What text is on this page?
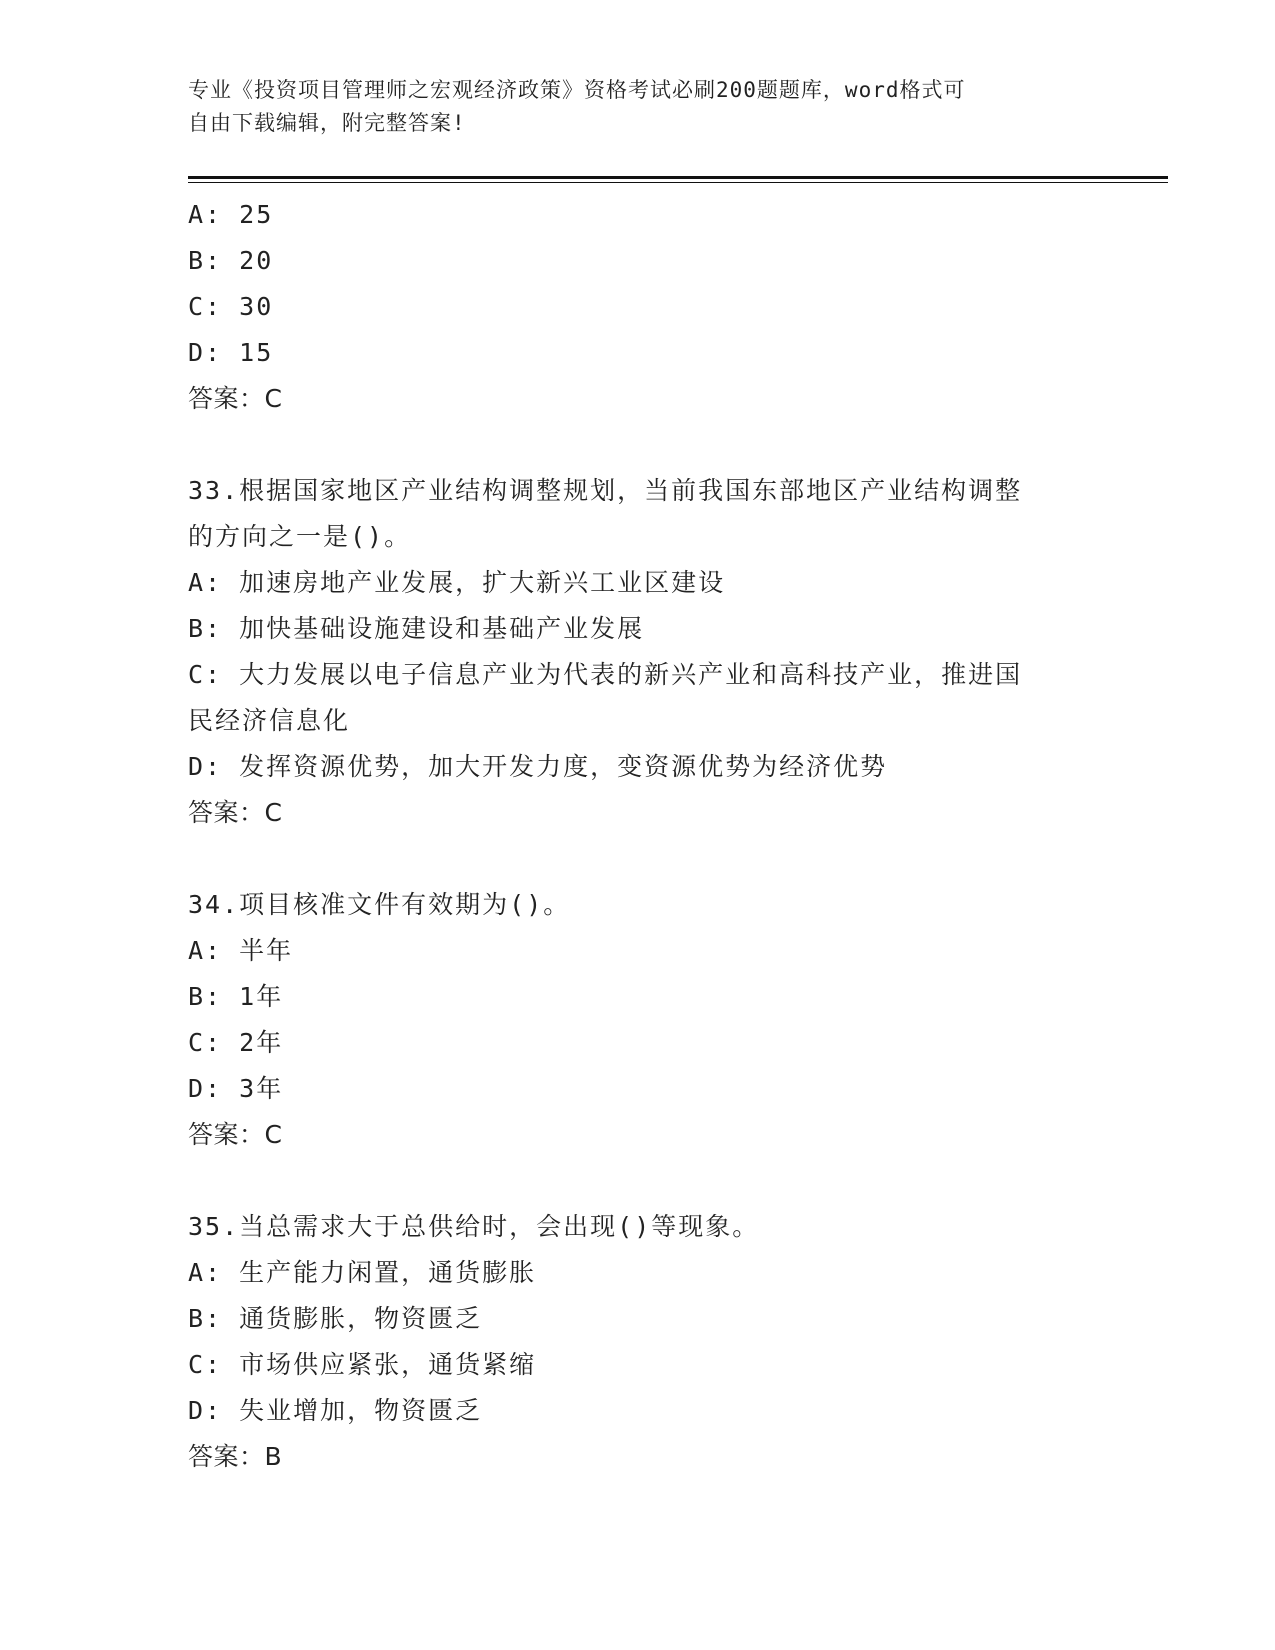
专业《投资项目管理师之宏观经济政策》资格考试必刷200题题库，word格式可
自由下载编辑，附完整答案!
A: 25
B: 20
C: 30
D: 15
答案：C
33.根据国家地区产业结构调整规划，当前我国东部地区产业结构调整
的方向之一是()。
A: 加速房地产业发展，扩大新兴工业区建设
B: 加快基础设施建设和基础产业发展
C: 大力发展以电子信息产业为代表的新兴产业和高科技产业，推进国
民经济信息化
D: 发挥资源优势，加大开发力度，变资源优势为经济优势
答案：C
34.项目核准文件有效期为()。
A: 半年
B: 1年
C: 2年
D: 3年
答案：C
35.当总需求大于总供给时，会出现()等现象。
A: 生产能力闲置，通货膨胀
B: 通货膨胀，物资匮乏
C: 市场供应紧张，通货紧缩
D: 失业增加，物资匮乏
答案：B
